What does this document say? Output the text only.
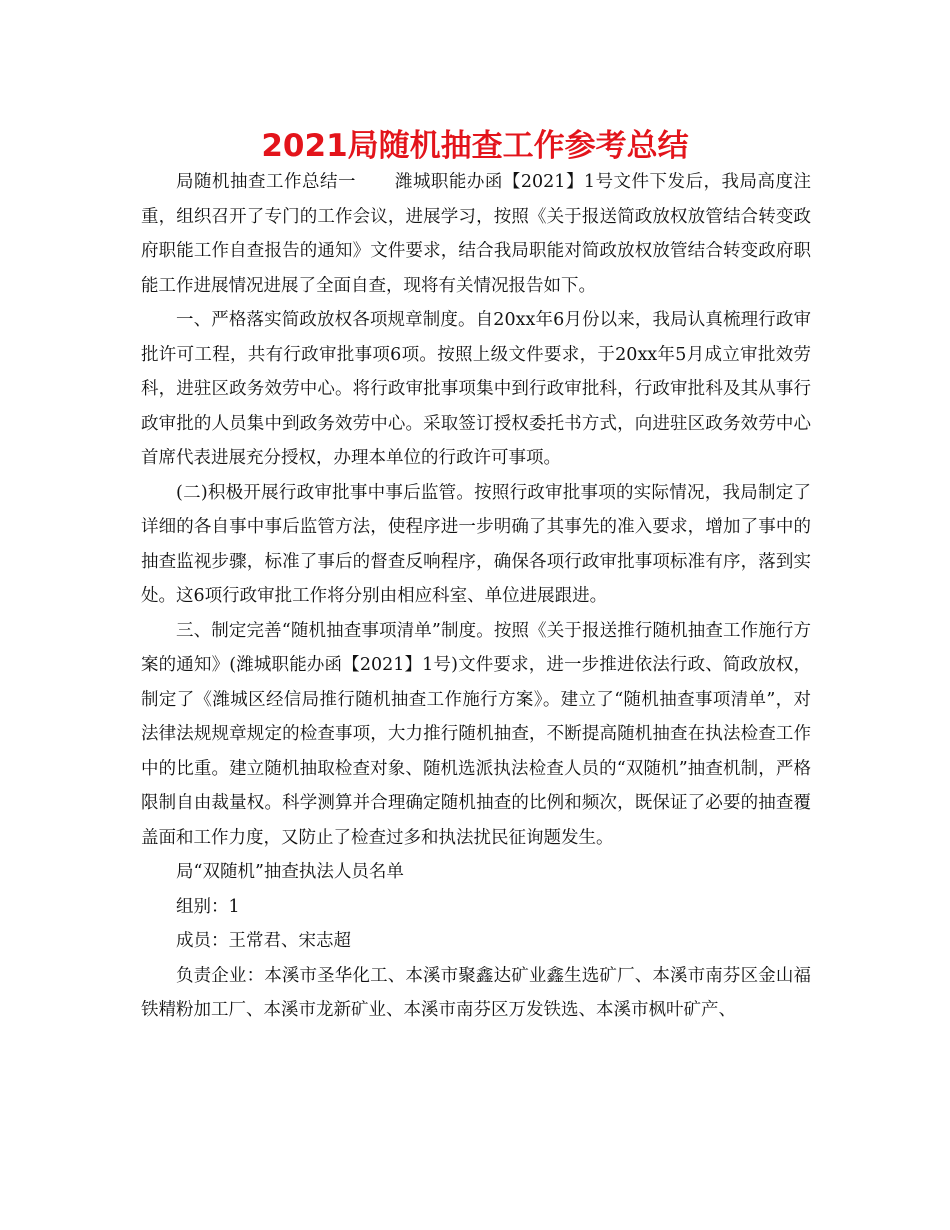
2021局随机抽查工作参考总结

局随机抽查工作总结一 潍城职能办函【2021】1号文件下发后，我局高度注重，组织召开了专门的工作会议，进展学习，按照《关于报送简政放权放管结合转变政府职能工作自查报告的通知》文件要求，结合我局职能对简政放权放管结合转变政府职能工作进展情况进展了全面自查，现将有关情况报告如下。

一、严格落实简政放权各项规章制度。自20xx年6月份以来，我局认真梳理行政审批许可工程，共有行政审批事项6项。按照上级文件要求，于20xx年5月成立审批效劳科，进驻区政务效劳中心。将行政审批事项集中到行政审批科，行政审批科及其从事行政审批的人员集中到政务效劳中心。采取签订授权委托书方式，向进驻区政务效劳中心首席代表进展充分授权，办理本单位的行政许可事项。

(二)积极开展行政审批事中事后监管。按照行政审批事项的实际情况，我局制定了详细的各自事中事后监管方法，使程序进一步明确了其事先的准入要求，增加了事中的抽查监视步骤，标准了事后的督查反响程序，确保各项行政审批事项标准有序，落到实处。这6项行政审批工作将分别由相应科室、单位进展跟进。

三、制定完善“随机抽查事项清单”制度。按照《关于报送推行随机抽查工作施行方案的通知》(潍城职能办函【2021】1号)文件要求，进一步推进依法行政、简政放权，制定了《潍城区经信局推行随机抽查工作施行方案》。建立了“随机抽查事项清单”，对法律法规规章规定的检查事项，大力推行随机抽查，不断提高随机抽查在执法检查工作中的比重。建立随机抽取检查对象、随机选派执法检查人员的“双随机”抽查机制，严格限制自由裁量权。科学测算并合理确定随机抽查的比例和频次，既保证了必要的抽查覆盖面和工作力度，又防止了检查过多和执法扰民征询题发生。

局“双随机”抽查执法人员名单

组别：1

成员：王常君、宋志超

负责企业：本溪市圣华化工、本溪市聚鑫达矿业鑫生选矿厂、本溪市南芬区金山福铁精粉加工厂、本溪市龙新矿业、本溪市南芬区万发铁选、本溪市枫叶矿产、
